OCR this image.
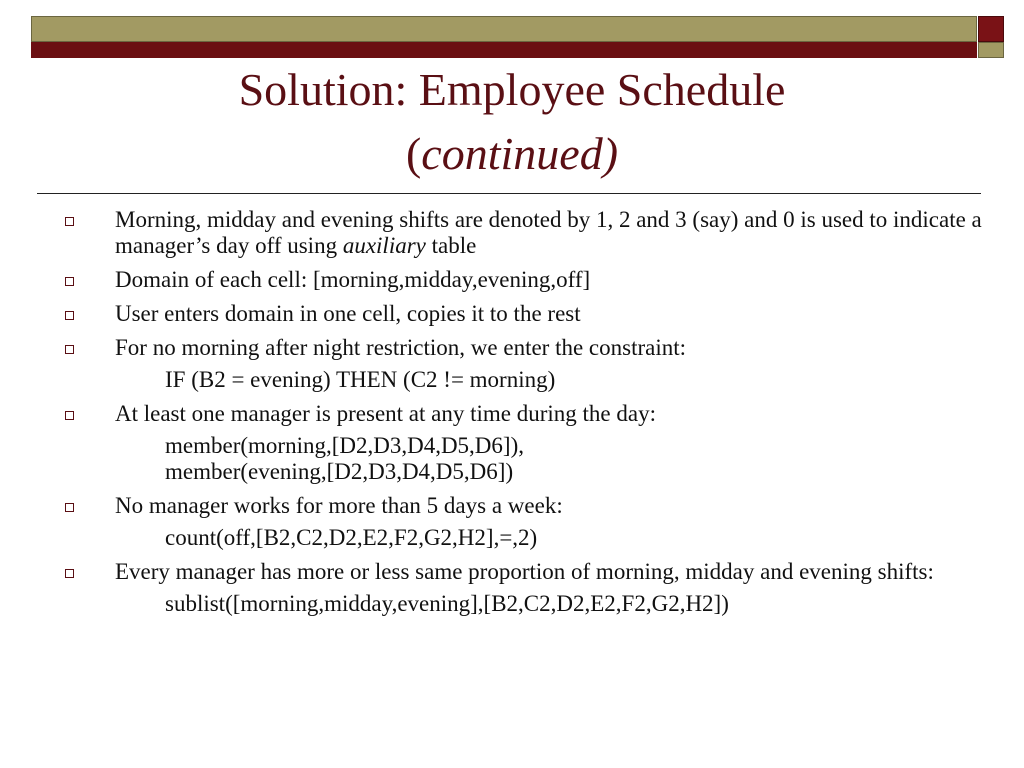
Solution: Employee Schedule
(continued)
Morning, midday and evening shifts are denoted by 1, 2 and 3 (say) and 0 is used to indicate a manager’s day off using auxiliary table
Domain of each cell: [morning,midday,evening,off]
User enters domain in one cell, copies it to the rest
For no morning after night restriction, we enter the constraint:
IF (B2 = evening) THEN (C2 != morning)
At least one manager is present at any time during the day:
member(morning,[D2,D3,D4,D5,D6]),
member(evening,[D2,D3,D4,D5,D6])
No manager works for more than 5 days a week:
count(off,[B2,C2,D2,E2,F2,G2,H2],=,2)
Every manager has more or less same proportion of morning, midday and evening shifts:
sublist([morning,midday,evening],[B2,C2,D2,E2,F2,G2,H2])
